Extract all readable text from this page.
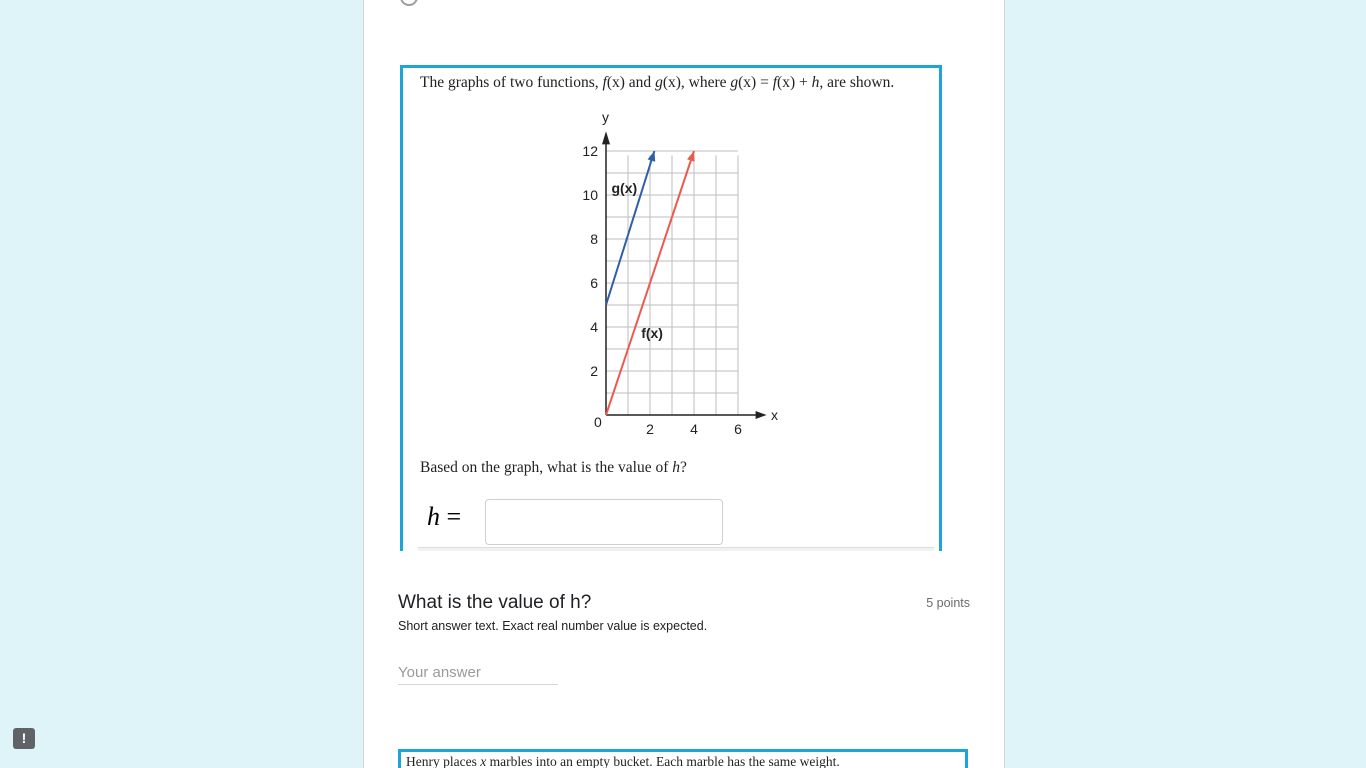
The graphs of two functions, f(x) and g(x), where g(x) = f(x) + h, are shown.
x
y
0	2	4	6
2
4
6
8
10
12
g(x)
f(x)
Based on the graph, what is the value of h?
h =
What is the value of h?	5 points
Short answer text. Exact real number value is expected.
Your answer
Henry places x marbles into an empty bucket. Each marble has the same weight.
!
